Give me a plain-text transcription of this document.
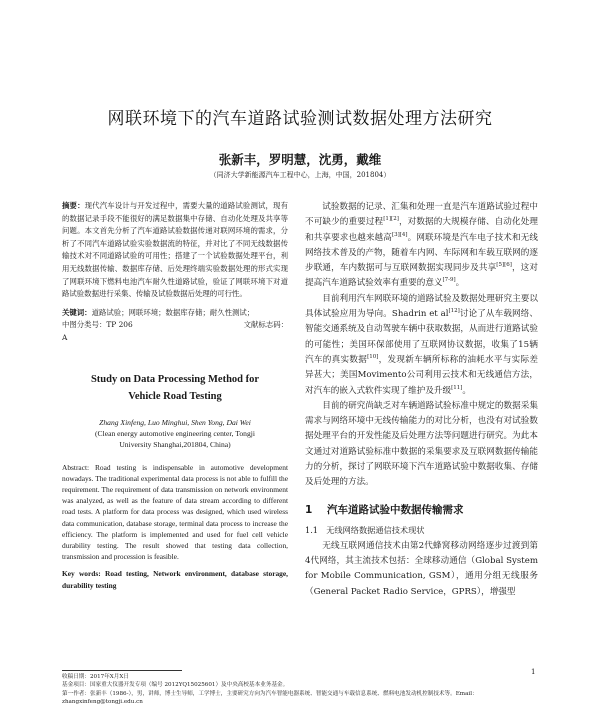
网联环境下的汽车道路试验测试数据处理方法研究
张新丰，罗明慧，沈勇，戴维
（同济大学新能源汽车工程中心，上海，中国，201804）

摘要：现代汽车设计与开发过程中，需要大量的道路试验测试，现有的数据记录手段不能很好的满足数据集中存储、自动化处理及共享等问题。本文首先分析了汽车道路试验数据传递对联网环境的需求，分析了不同汽车道路试验实验数据流的特征，并对比了不同无线数据传输技术对不同道路试验的可用性；搭建了一个试验数据处理平台，利用无线数据传输、数据库存储、后处理终端实验数据处理的形式实现了网联环境下燃料电池汽车耐久性道路试验，验证了网联环境下对道路试验数据进行采集、传输及试验数据后处理的可行性。

关键词：道路试验；网联环境；数据库存储；耐久性测试；

中图分类号：TP 206	文献标志码：

A

Study on Data Processing Method for

Vehicle Road Testing

Zhang Xinfeng, Luo Minghui, Shen Yong, Dai Wei

(Clean energy automotive engineering center, Tongji

University Shanghai,201804, China)

Abstract: Road testing is indispensable in automotive development nowadays. The traditional experimental data process is not able to fulfill the requirement. The requirement of data transmission on network environment was analyzed, as well as the feature of data stream according to different road tests. A platform for data process was designed, which used wireless data communication, database storage, terminal data process to increase the efficiency. The platform is implemented and used for fuel cell vehicle durability testing. The result showed that testing data collection, transmission and procession is feasible.

Key words: Road testing, Network environment, database storage, durability testing

试验数据的记录、汇集和处理一直是汽车道路试验过程中不可缺少的重要过程[1][2]，对数据的大规模存储、自动化处理和共享要求也越来越高[3][4]。网联环境是汽车电子技术和无线网络技术普及的产物，随着车内网、车际网和车载互联网的逐步联通，车内数据可与互联网数据实现同步及共享[5][6]，这对提高汽车道路试验效率有重要的意义[7-9]。

目前利用汽车网联环境的道路试验及数据处理研究主要以具体试验应用为导向。Shadrin et al[12]讨论了从车载网络、智能交通系统及自动驾驶车辆中获取数据，从而进行道路试验的可能性；美国环保部使用了互联网协议数据，收集了15辆汽车的真实数据[10]，发现新车辆所标称的油耗水平与实际差异甚大；美国Movimento公司利用云技术和无线通信方法，对汽车的嵌入式软件实现了维护及升级[11]。

目前的研究尚缺乏对车辆道路试验标准中规定的数据采集需求与网络环境中无线传输能力的对比分析，也没有对试验数据处理平台的开发性能及后处理方法等问题进行研究。为此本文通过对道路试验标准中数据的采集要求及互联网数据传输能力的分析，探讨了网联环境下汽车道路试验中数据收集、存储及后处理的方法。

1 汽车道路试验中数据传输需求
1.1　无线网络数据通信技术现状

无线互联网通信技术由第2代蜂窝移动网络逐步过渡到第4代网络，其主流技术包括：全球移动通信（Global System for Mobile Communication, GSM），通用分组无线服务（General Packet Radio Service，GPRS），增强型

1
收稿日期：2017年X月X日
基金项目：国家重大仪器开发专项（编号 2012YQ15025601）及中央高校基本业务基金。
第一作者：张新丰（1986-），男，讲师，博士生导师，工学博士，主要研究方向为汽车智能电器系统、智能交通与车载信息系统、燃料电池发动机控制技术等。Email：zhangxinfeng@tongji.edu.cn
